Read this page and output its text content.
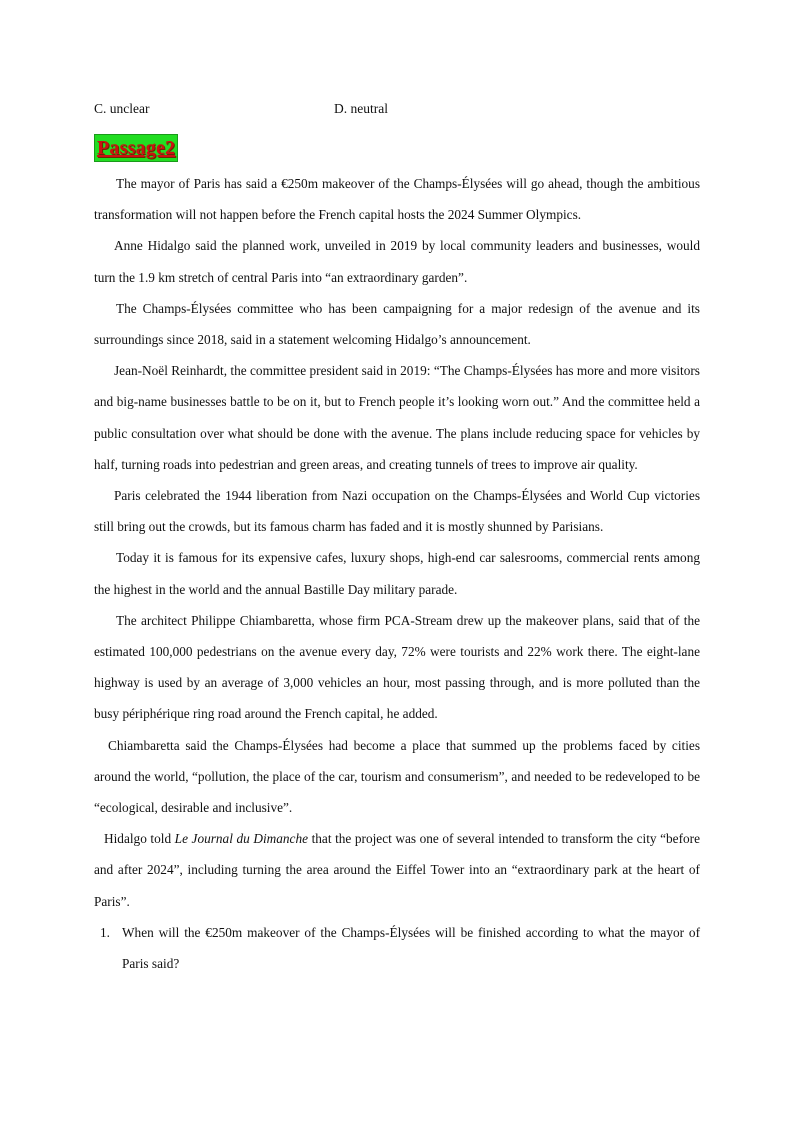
C. unclear	D. neutral
Passage2

The mayor of Paris has said a €250m makeover of the Champs-Élysées will go ahead, though the ambitious transformation will not happen before the French capital hosts the 2024 Summer Olympics.

Anne Hidalgo said the planned work, unveiled in 2019 by local community leaders and businesses, would turn the 1.9 km stretch of central Paris into “an extraordinary garden”.

The Champs-Élysées committee who has been campaigning for a major redesign of the avenue and its surroundings since 2018, said in a statement welcoming Hidalgo’s announcement.

Jean-Noël Reinhardt, the committee president said in 2019: “The Champs-Élysées has more and more visitors and big-name businesses battle to be on it, but to French people it’s looking worn out.” And the committee held a public consultation over what should be done with the avenue. The plans include reducing space for vehicles by half, turning roads into pedestrian and green areas, and creating tunnels of trees to improve air quality.

Paris celebrated the 1944 liberation from Nazi occupation on the Champs-Élysées and World Cup victories still bring out the crowds, but its famous charm has faded and it is mostly shunned by Parisians.

Today it is famous for its expensive cafes, luxury shops, high-end car salesrooms, commercial rents among the highest in the world and the annual Bastille Day military parade.

The architect Philippe Chiambaretta, whose firm PCA-Stream drew up the makeover plans, said that of the estimated 100,000 pedestrians on the avenue every day, 72% were tourists and 22% work there. The eight-lane highway is used by an average of 3,000 vehicles an hour, most passing through, and is more polluted than the busy périphérique ring road around the French capital, he added.

Chiambaretta said the Champs-Élysées had become a place that summed up the problems faced by cities around the world, “pollution, the place of the car, tourism and consumerism”, and needed to be redeveloped to be “ecological, desirable and inclusive”.

Hidalgo told Le Journal du Dimanche that the project was one of several intended to transform the city “before and after 2024”, including turning the area around the Eiffel Tower into an “extraordinary park at the heart of Paris”.

1. When will the €250m makeover of the Champs-Élysées will be finished according to what the mayor of Paris said?
